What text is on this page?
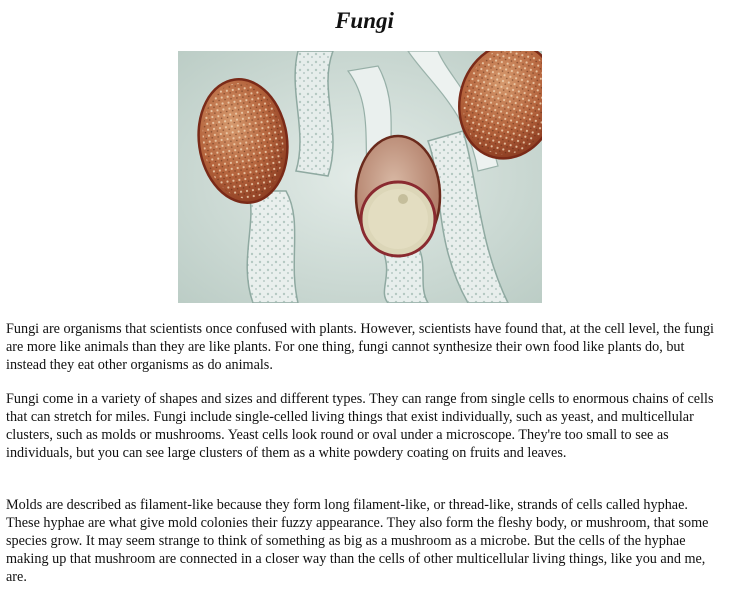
Fungi

Fungi are organisms that scientists once confused with plants. However, scientists have found that, at the cell level, the fungi are more like animals than they are like plants. For one thing, fungi cannot synthesize their own food like plants do, but instead they eat other organisms as do animals.

Fungi come in a variety of shapes and sizes and different types. They can range from single cells to enormous chains of cells that can stretch for miles. Fungi include single-celled living things that exist individually, such as yeast, and multicellular clusters, such as molds or mushrooms. Yeast cells look round or oval under a microscope. They're too small to see as individuals, but you can see large clusters of them as a white powdery coating on fruits and leaves.

Molds are described as filament-like because they form long filament-like, or thread-like, strands of cells called hyphae. These hyphae are what give mold colonies their fuzzy appearance. They also form the fleshy body, or mushroom, that some species grow. It may seem strange to think of something as big as a mushroom as a microbe. But the cells of the hyphae making up that mushroom are connected in a closer way than the cells of other multicellular living things, like you and me, are.
